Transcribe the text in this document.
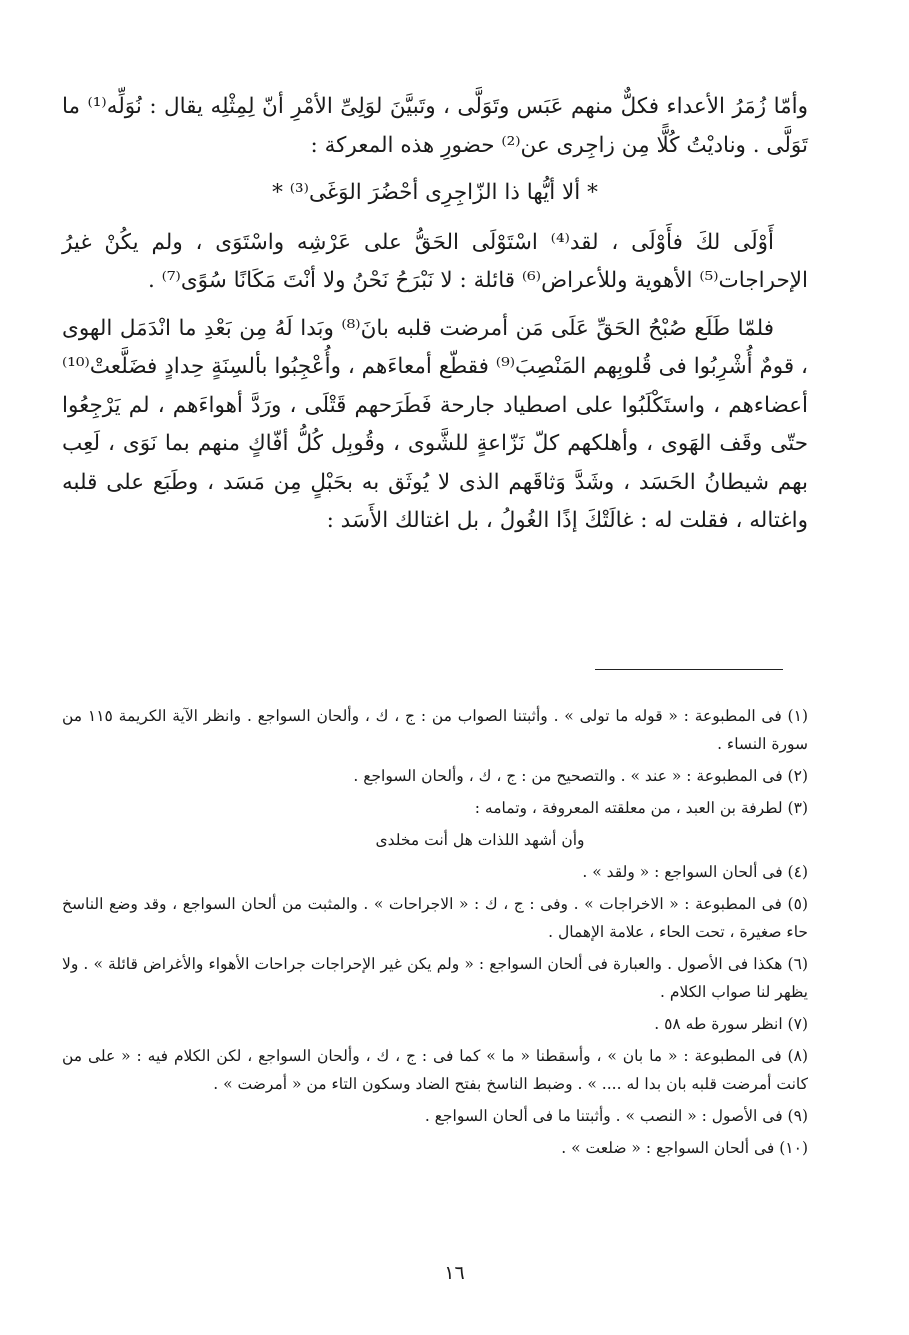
وأمّا زُمَرُ الأعداء فكلٌّ منهم عَبَس وتَوَلَّى ، وتَبيَّنَ لوَلِىِّ الأمْرِ أنّ لِمِثْلِه يقال : نُوَلِّه⁽¹⁾ ما تَوَلَّى . وناديْتُ كُلًّا مِن زاجِرى عن⁽²⁾ حضورِ هذه المعركة :

* ألا أيُّها ذا الزّاجِرِى أحْضُرَ الوَغَى⁽³⁾ *

أَوْلَى لكَ فأَوْلَى ، لقد⁽⁴⁾ اسْتَوْلَى الحَقُّ على عَرْشِه واسْتَوَى ، ولم يكُنْ غيرُ الإحراجات⁽⁵⁾ الأهوية وللأعراض⁽⁶⁾ قائلة : لا نَبْرَحُ نَحْنُ ولا أنْتَ مَكَانًا سُوًى⁽⁷⁾ .

فلمّا طَلَع صُبْحُ الحَقِّ عَلَى مَن أمرضت قلبه بانَ⁽⁸⁾ وبَدا لَهُ مِن بَعْدِ ما انْدَمَل الهوى ، قومٌ أُشْرِبُوا فى قُلوبِهم المَنْصِبَ⁽⁹⁾ فقطّع أمعاءَهم ، وأُعْجِبُوا بألسِنَةٍ حِدادٍ فضَلَّعتْ⁽¹⁰⁾ أعضاءهم ، واستَكْلَبُوا على اصطياد جارحة فَطَرَحهم قَتْلَى ، ورَدَّ أهواءَهم ، لم يَرْجِعُوا حتّى وقَف الهَوى ، وأهلكهم كلّ نَزّاعةٍ للشَّوى ، وقُوبِل كُلُّ أفّاكٍ منهم بما نَوَى ، لَعِب بهم شيطانُ الحَسَد ، وشَدَّ وَثاقَهم الذى لا يُوثَق به بحَبْلٍ مِن مَسَد ، وطَبَع على قلبه واغتاله ، فقلت له : غالَتْكَ إذًا الغُولُ ، بل اغتالك الأَسَد :

(١) فى المطبوعة : « قوله ما تولى » . وأثبتنا الصواب من : ج ، ك ، وألحان السواجع . وانظر الآية الكريمة ١١٥ من سورة النساء .

(٢) فى المطبوعة : « عند » . والتصحيح من : ج ، ك ، وألحان السواجع .

(٣) لطرفة بن العبد ، من معلقته المعروفة ، وتمامه :

وأن أشهد اللذات هل أنت مخلدى

(٤) فى ألحان السواجع : « ولقد » .

(٥) فى المطبوعة : « الاخراجات » . وفى : ج ، ك : « الاجراحات » . والمثبت من ألحان السواجع ، وقد وضع الناسخ حاء صغيرة ، تحت الحاء ، علامة الإهمال .

(٦) هكذا فى الأصول . والعبارة فى ألحان السواجع : « ولم يكن غير الإحراجات جراحات الأهواء والأغراض قائلة » . ولا يظهر لنا صواب الكلام .

(٧) انظر سورة طه ٥٨ .

(٨) فى المطبوعة : « ما بان » ، وأسقطنا « ما » كما فى : ج ، ك ، وألحان السواجع ، لكن الكلام فيه : « على من كانت أمرضت قلبه بان بدا له .... » . وضبط الناسخ بفتح الضاد وسكون التاء من « أمرضت » .

(٩) فى الأصول : « النصب » . وأثبتنا ما فى ألحان السواجع .

(١٠) فى ألحان السواجع : « ضلعت » .

١٦
